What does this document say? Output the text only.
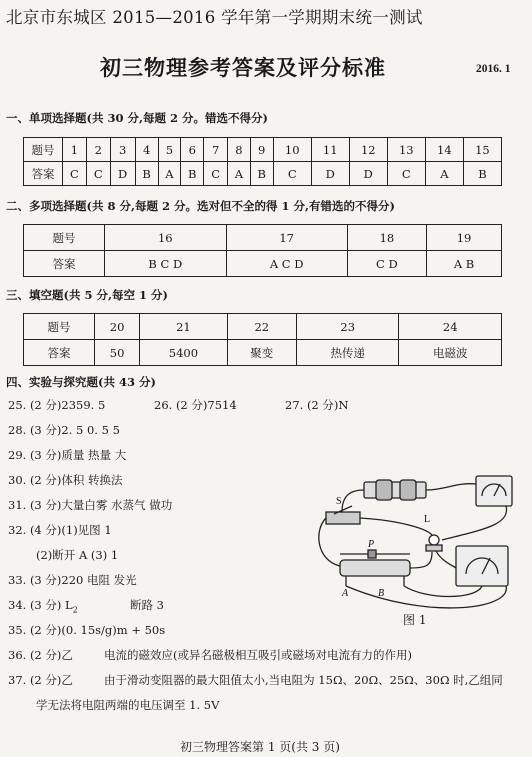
北京市东城区 2015—2016 学年第一学期期末统一测试
初三物理参考答案及评分标准	2016. 1
一、单项选择题(共 30 分,每题 2 分。错选不得分)
题号	1	2	3	4	5	6	7	8	9	10	11	12	13	14	15
答案	C	C	D	B	A	B	C	A	B	C	D	D	C	A	B
二、多项选择题(共 8 分,每题 2 分。选对但不全的得 1 分,有错选的不得分)
题号	16	17	18	19
答案	B C D	A C D	C D	A B
三、填空题(共 5 分,每空 1 分)
题号	20	21	22	23	24
答案	50	5400	聚变	热传递	电磁波
四、实验与探究题(共 43 分)
25. (2 分)2359. 5	26. (2 分)7514	27. (2 分)N
28. (3 分)2. 5 0. 5 5
29. (3 分)质量 热量 大
30. (2 分)体积 转换法
31. (3 分)大量白雾 水蒸气 做功
32. (4 分)(1)见图 1
(2)断开 A (3) 1
33. (3 分)220 电阻 发光
34. (3 分) $L_2$	断路 3
35. (2 分)(0. 15s/g)m + 50s
36. (2 分)乙	电流的磁效应(或异名磁极相互吸引或磁场对电流有力的作用)
37. (2 分)乙	由于滑动变阻器的最大阻值太小,当电阻为 15Ω、20Ω、25Ω、30Ω 时,乙组同
学无法将电阻两端的电压调至 1. 5V
S
L
P
A	B
图 1
初三物理答案第 1 页(共 3 页)
